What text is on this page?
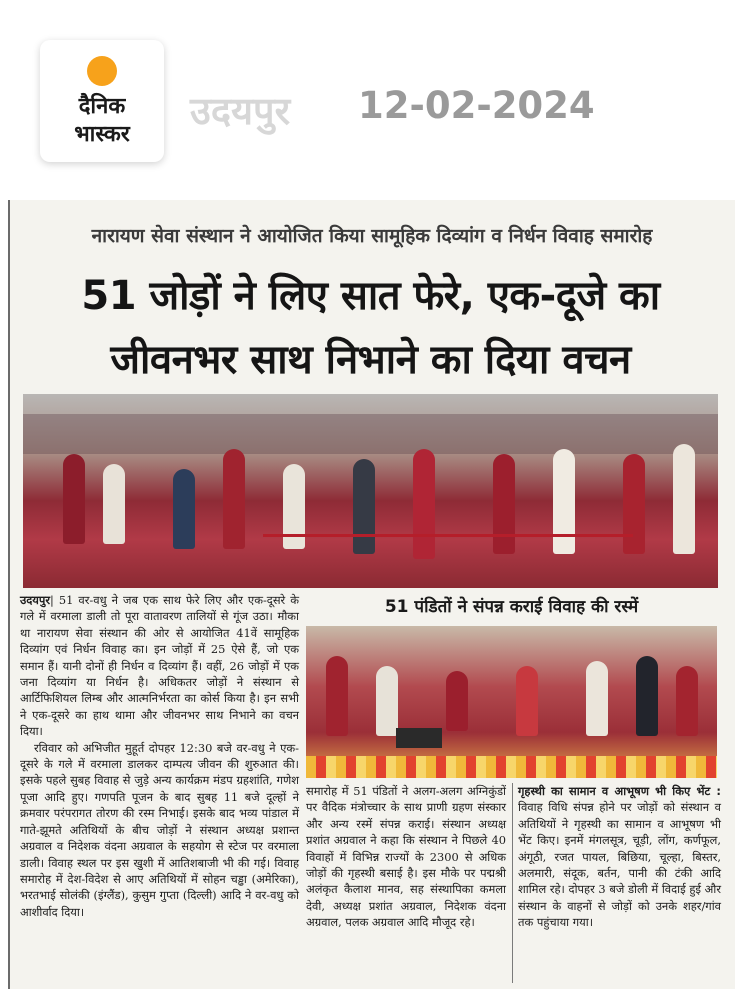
दैनिक
भास्कर
उदयपुर 12-02-2024
नारायण सेवा संस्थान ने आयोजित किया सामूहिक दिव्यांग व निर्धन विवाह समारोह
51 जोड़ों ने लिए सात फेरे, एक-दूजे का
जीवनभर साथ निभाने का दिया वचन
51 पंडितों ने संपन्न कराई विवाह की रस्में

उदयपुर| 51 वर-वधु ने जब एक साथ फेरे लिए और एक-दूसरे के गले में वरमाला डाली तो पूरा वातावरण तालियों से गूंज उठा। मौका था नारायण सेवा संस्थान की ओर से आयोजित 41वें सामूहिक दिव्यांग एवं निर्धन विवाह का। इन जोड़ों में 25 ऐसे हैं, जो एक समान हैं। यानी दोनों ही निर्धन व दिव्यांग हैं। वहीं, 26 जोड़ों में एक जना दिव्यांग या निर्धन है। अधिकतर जोड़ों ने संस्थान से आर्टिफिशियल लिम्ब और आत्मनिर्भरता का कोर्स किया है। इन सभी ने एक-दूसरे का हाथ थामा और जीवनभर साथ निभाने का वचन दिया।

रविवार को अभिजीत मुहूर्त दोपहर 12:30 बजे वर-वधु ने एक-दूसरे के गले में वरमाला डालकर दाम्पत्य जीवन की शुरुआत की। इसके पहले सुबह विवाह से जुड़े अन्य कार्यक्रम मंडप ग्रहशांति, गणेश पूजा आदि हुए। गणपति पूजन के बाद सुबह 11 बजे दूल्हों ने क्रमवार परंपरागत तोरण की रस्म निभाई। इसके बाद भव्य पांडाल में गाते-झूमते अतिथियों के बीच जोड़ों ने संस्थान अध्यक्ष प्रशान्त अग्रवाल व निदेशक वंदना अग्रवाल के सहयोग से स्टेज पर वरमाला डाली। विवाह स्थल पर इस खुशी में आतिशबाजी भी की गई। विवाह समारोह में देश-विदेश से आए अतिथियों में सोहन चड्ढा (अमेरिका), भरतभाई सोलंकी (इंग्लैंड), कुसुम गुप्ता (दिल्ली) आदि ने वर-वधु को आशीर्वाद दिया।

समारोह में 51 पंडितों ने अलग-अलग अग्निकुंडों पर वैदिक मंत्रोच्चार के साथ प्राणी ग्रहण संस्कार और अन्य रस्में संपन्न कराई। संस्थान अध्यक्ष प्रशांत अग्रवाल ने कहा कि संस्थान ने पिछले 40 विवाहों में विभिन्न राज्यों के 2300 से अधिक जोड़ों की गृहस्थी बसाई है। इस मौके पर पद्मश्री अलंकृत कैलाश मानव, सह संस्थापिका कमला देवी, अध्यक्ष प्रशांत अग्रवाल, निदेशक वंदना अग्रवाल, पलक अग्रवाल आदि मौजूद रहे।

गृहस्थी का सामान व आभूषण भी किए भेंट : विवाह विधि संपन्न होने पर जोड़ों को संस्थान व अतिथियों ने गृहस्थी का सामान व आभूषण भी भेंट किए। इनमें मंगलसूत्र, चूड़ी, लोंग, कर्णफूल, अंगूठी, रजत पायल, बिछिया, चूल्हा, बिस्तर, अलमारी, संदूक, बर्तन, पानी की टंकी आदि शामिल रहे। दोपहर 3 बजे डोली में विदाई हुई और संस्थान के वाहनों से जोड़ों को उनके शहर/गांव तक पहुंचाया गया।
